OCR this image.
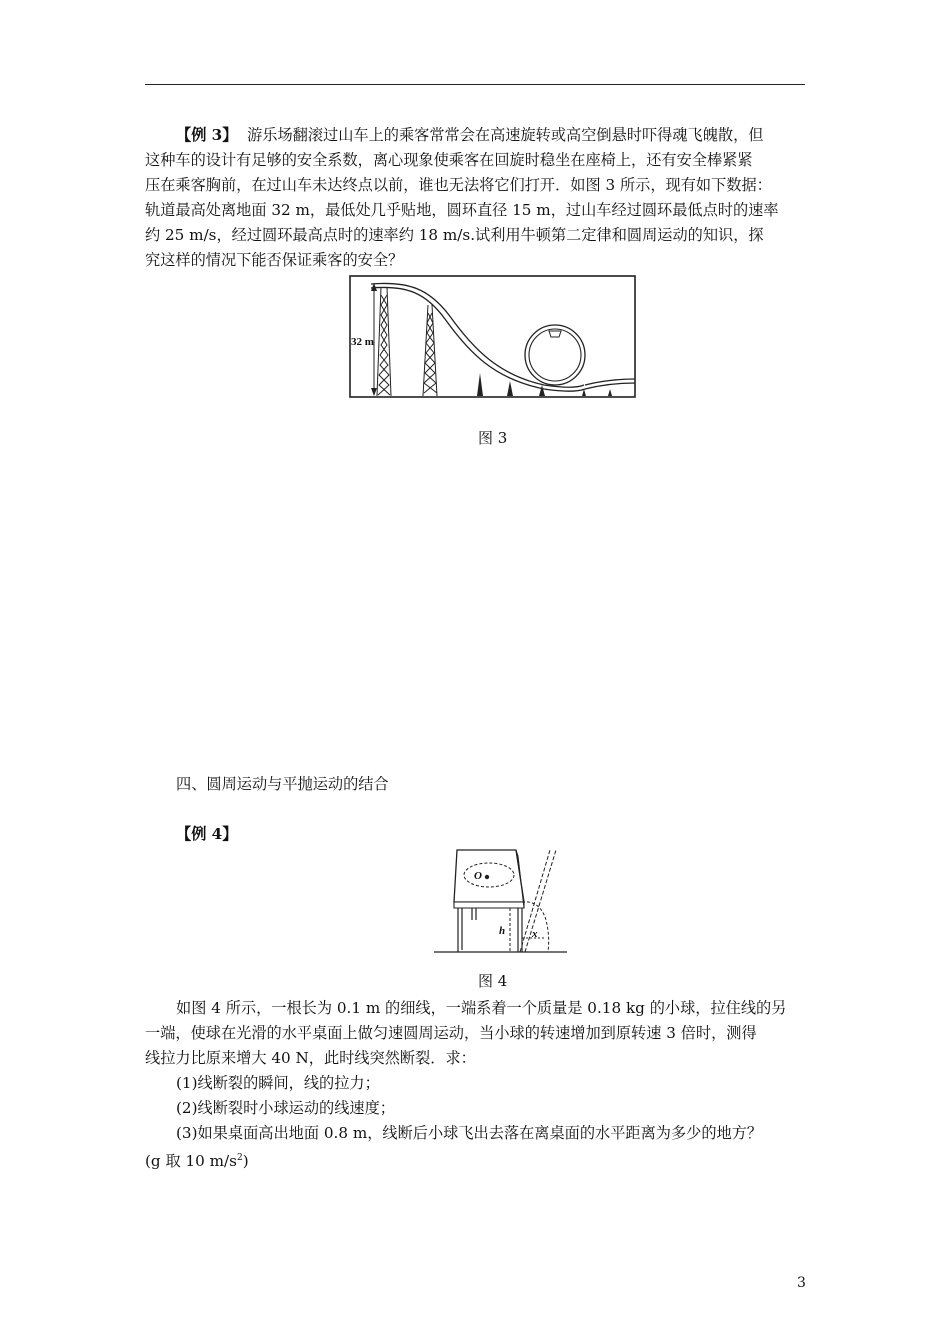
【例 3】 游乐场翻滚过山车上的乘客常常会在高速旋转或高空倒悬时吓得魂飞魄散，但
这种车的设计有足够的安全系数，离心现象使乘客在回旋时稳坐在座椅上，还有安全棒紧紧
压在乘客胸前，在过山车未达终点以前，谁也无法将它们打开．如图 3 所示，现有如下数据：
轨道最高处离地面 32 m，最低处几乎贴地，圆环直径 15 m，过山车经过圆环最低点时的速率
约 25 m/s，经过圆环最高点时的速率约 18 m/s.试利用牛顿第二定律和圆周运动的知识，探
究这样的情况下能否保证乘客的安全？
32 m
图 3
四、圆周运动与平抛运动的结合
【例 4】
O
h x
图 4
如图 4 所示，一根长为 0.1 m 的细线，一端系着一个质量是 0.18 kg 的小球，拉住线的另
一端，使球在光滑的水平桌面上做匀速圆周运动，当小球的转速增加到原转速 3 倍时，测得
线拉力比原来增大 40 N，此时线突然断裂．求：
(1)线断裂的瞬间，线的拉力；
(2)线断裂时小球运动的线速度；
(3)如果桌面高出地面 0.8 m，线断后小球飞出去落在离桌面的水平距离为多少的地方？
(g 取 10 $m/s^2$)
3
